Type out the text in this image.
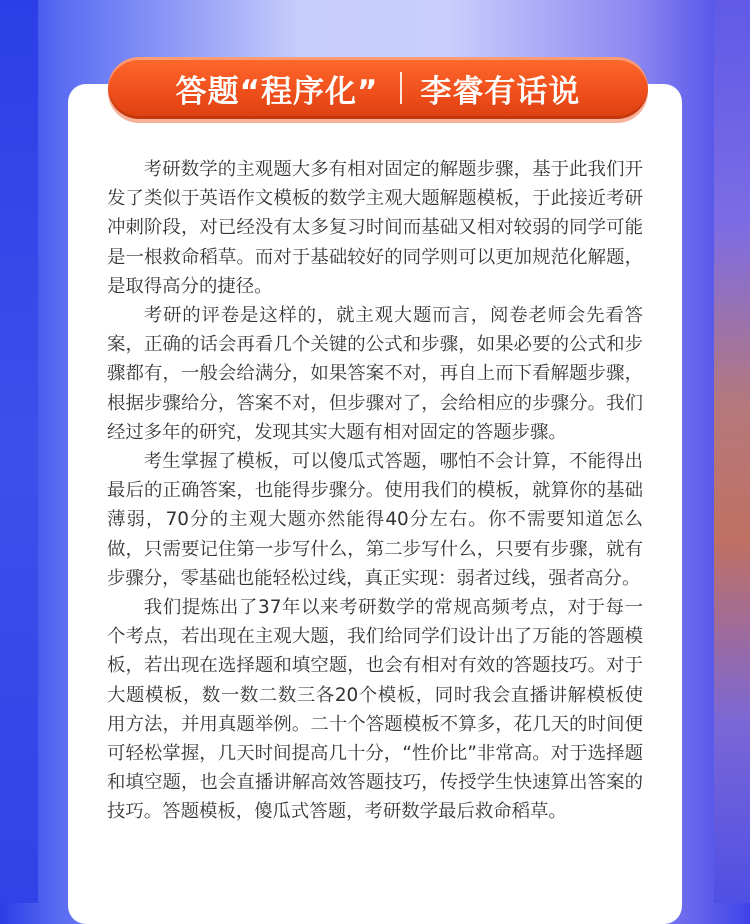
答题“程序化” 李睿有话说

考研数学的主观题大多有相对固定的解题步骤，基于此我们开发了类似于英语作文模板的数学主观大题解题模板，于此接近考研冲刺阶段，对已经没有太多复习时间而基础又相对较弱的同学可能是一根救命稻草。而对于基础较好的同学则可以更加规范化解题，是取得高分的捷径。

考研的评卷是这样的，就主观大题而言，阅卷老师会先看答案，正确的话会再看几个关键的公式和步骤，如果必要的公式和步骤都有，一般会给满分，如果答案不对，再自上而下看解题步骤，根据步骤给分，答案不对，但步骤对了，会给相应的步骤分。我们经过多年的研究，发现其实大题有相对固定的答题步骤。

考生掌握了模板，可以傻瓜式答题，哪怕不会计算，不能得出最后的正确答案，也能得步骤分。使用我们的模板，就算你的基础薄弱，70分的主观大题亦然能得40分左右。你不需要知道怎么做，只需要记住第一步写什么，第二步写什么，只要有步骤，就有步骤分，零基础也能轻松过线，真正实现：弱者过线，强者高分。

我们提炼出了37年以来考研数学的常规高频考点，对于每一个考点，若出现在主观大题，我们给同学们设计出了万能的答题模板，若出现在选择题和填空题，也会有相对有效的答题技巧。对于大题模板，数一数二数三各20个模板，同时我会直播讲解模板使用方法，并用真题举例。二十个答题模板不算多，花几天的时间便可轻松掌握，几天时间提高几十分，“性价比”非常高。对于选择题和填空题，也会直播讲解高效答题技巧，传授学生快速算出答案的技巧。答题模板，傻瓜式答题，考研数学最后救命稻草。
